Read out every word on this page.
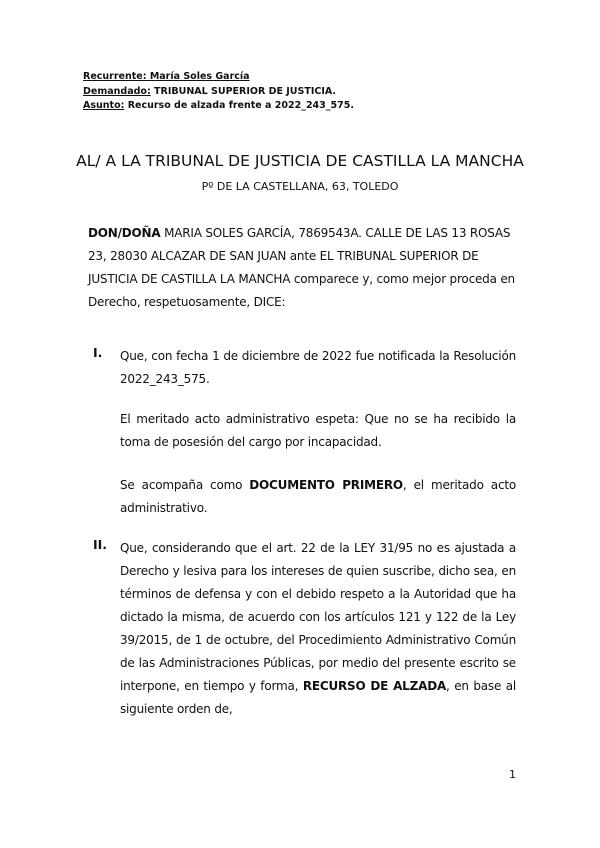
Recurrente: María Soles García
Demandado: TRIBUNAL SUPERIOR DE JUSTICIA.
Asunto: Recurso de alzada frente a 2022_243_575.
AL/ A LA TRIBUNAL DE JUSTICIA DE CASTILLA LA MANCHA
Pº DE LA CASTELLANA, 63, TOLEDO
DON/DOÑA MARIA SOLES GARCÍA, 7869543A. CALLE DE LAS 13 ROSAS 23, 28030 ALCAZAR DE SAN JUAN ante EL TRIBUNAL SUPERIOR DE JUSTICIA DE CASTILLA LA MANCHA comparece y, como mejor proceda en Derecho, respetuosamente, DICE:
I. Que, con fecha 1 de diciembre de 2022 fue notificada la Resolución 2022_243_575.
El meritado acto administrativo espeta: Que no se ha recibido la toma de posesión del cargo por incapacidad.
Se acompaña como DOCUMENTO PRIMERO, el meritado acto administrativo.
II. Que, considerando que el art. 22 de la LEY 31/95 no es ajustada a Derecho y lesiva para los intereses de quien suscribe, dicho sea, en términos de defensa y con el debido respeto a la Autoridad que ha dictado la misma, de acuerdo con los artículos 121 y 122 de la Ley 39/2015, de 1 de octubre, del Procedimiento Administrativo Común de las Administraciones Públicas, por medio del presente escrito se interpone, en tiempo y forma, RECURSO DE ALZADA, en base al siguiente orden de,
1
